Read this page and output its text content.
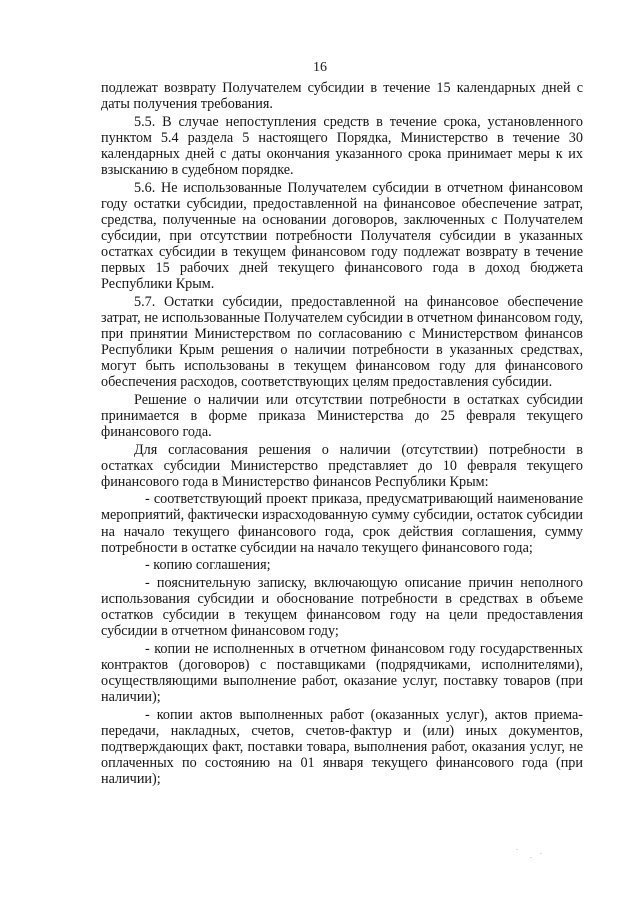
16

подлежат возврату Получателем субсидии в течение 15 календарных дней с даты получения требования.

5.5. В случае непоступления средств в течение срока, установленного пунктом 5.4 раздела 5 настоящего Порядка, Министерство в течение 30 календарных дней с даты окончания указанного срока принимает меры к их взысканию в судебном порядке.

5.6. Не использованные Получателем субсидии в отчетном финансовом году остатки субсидии, предоставленной на финансовое обеспечение затрат, средства, полученные на основании договоров, заключенных с Получателем субсидии, при отсутствии потребности Получателя субсидии в указанных остатках субсидии в текущем финансовом году подлежат возврату в течение первых 15 рабочих дней текущего финансового года в доход бюджета Республики Крым.

5.7. Остатки субсидии, предоставленной на финансовое обеспечение затрат, не использованные Получателем субсидии в отчетном финансовом году, при принятии Министерством по согласованию с Министерством финансов Республики Крым решения о наличии потребности в указанных средствах, могут быть использованы в текущем финансовом году для финансового обеспечения расходов, соответствующих целям предоставления субсидии.

Решение о наличии или отсутствии потребности в остатках субсидии принимается в форме приказа Министерства до 25 февраля текущего финансового года.

Для согласования решения о наличии (отсутствии) потребности в остатках субсидии Министерство представляет до 10 февраля текущего финансового года в Министерство финансов Республики Крым:

- соответствующий проект приказа, предусматривающий наименование мероприятий, фактически израсходованную сумму субсидии, остаток субсидии на начало текущего финансового года, срок действия соглашения, сумму потребности в остатке субсидии на начало текущего финансового года;

- копию соглашения;

- пояснительную записку, включающую описание причин неполного использования субсидии и обоснование потребности в средствах в объеме остатков субсидии в текущем финансовом году на цели предоставления субсидии в отчетном финансовом году;

- копии не исполненных в отчетном финансовом году государственных контрактов (договоров) с поставщиками (подрядчиками, исполнителями), осуществляющими выполнение работ, оказание услуг, поставку товаров (при наличии);

- копии актов выполненных работ (оказанных услуг), актов приема-передачи, накладных, счетов, счетов-фактур и (или) иных документов, подтверждающих факт, поставки товара, выполнения работ, оказания услуг, не оплаченных по состоянию на 01 января текущего финансового года (при наличии);

·
·
·
